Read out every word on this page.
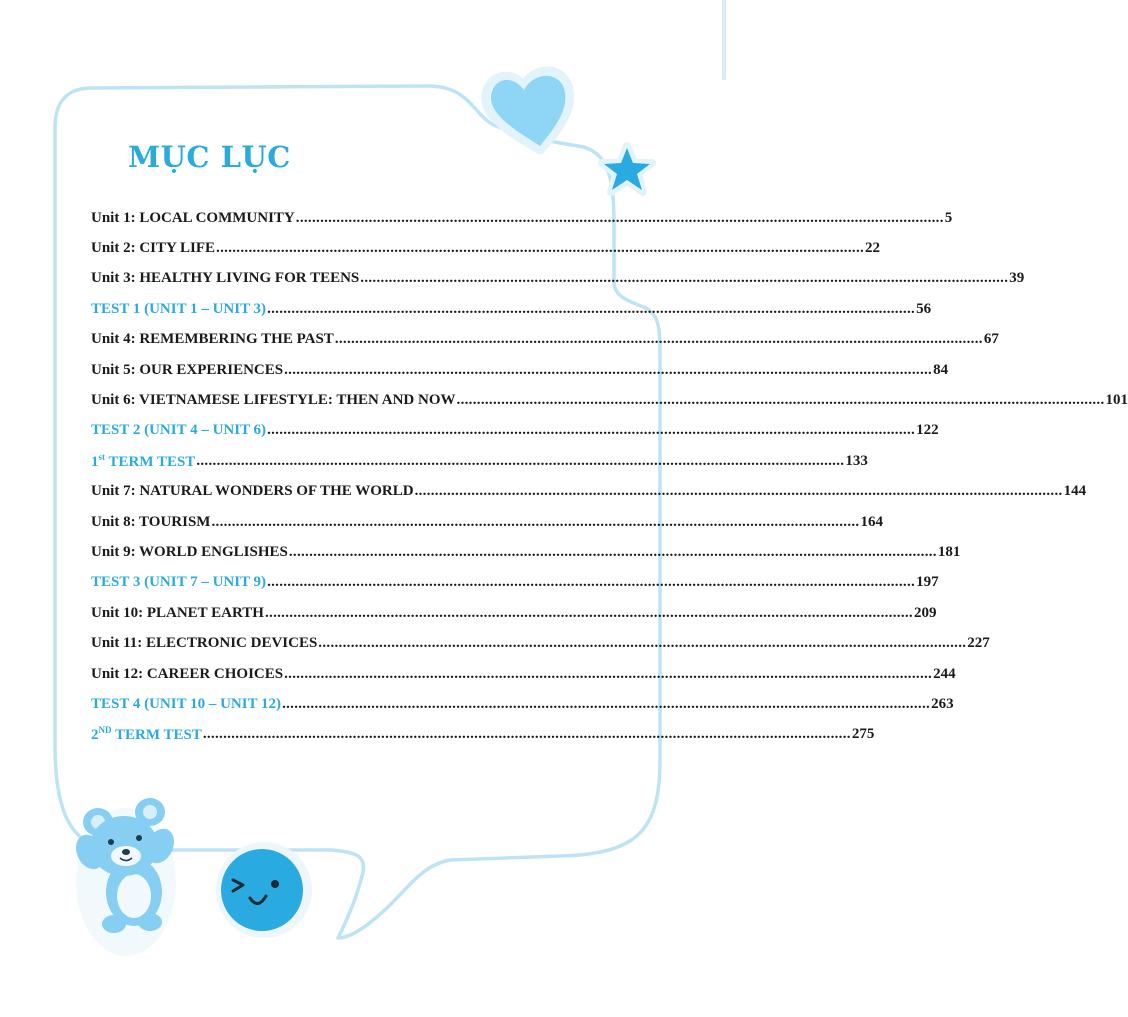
MỤC LỤC
Unit 1: LOCAL COMMUNITY ................................................................................................................................................................ 5
Unit 2: CITY LIFE ................................................................................................................................................................ 22
Unit 3: HEALTHY LIVING FOR TEENS ................................................................................................................................................................ 39
TEST 1 (UNIT 1 – UNIT 3) ................................................................................................................................................................ 56
Unit 4: REMEMBERING THE PAST ................................................................................................................................................................ 67
Unit 5: OUR EXPERIENCES ................................................................................................................................................................ 84
Unit 6: VIETNAMESE LIFESTYLE: THEN AND NOW ................................................................................................................................................................ 101
TEST 2 (UNIT 4 – UNIT 6) ................................................................................................................................................................ 122
1st TERM TEST ................................................................................................................................................................ 133
Unit 7: NATURAL WONDERS OF THE WORLD ................................................................................................................................................................ 144
Unit 8: TOURISM ................................................................................................................................................................ 164
Unit 9: WORLD ENGLISHES ................................................................................................................................................................ 181
TEST 3 (UNIT 7 – UNIT 9) ................................................................................................................................................................ 197
Unit 10: PLANET EARTH ................................................................................................................................................................ 209
Unit 11: ELECTRONIC DEVICES ................................................................................................................................................................ 227
Unit 12: CAREER CHOICES ................................................................................................................................................................ 244
TEST 4 (UNIT 10 – UNIT 12) ................................................................................................................................................................ 263
2ND TERM TEST ................................................................................................................................................................ 275
